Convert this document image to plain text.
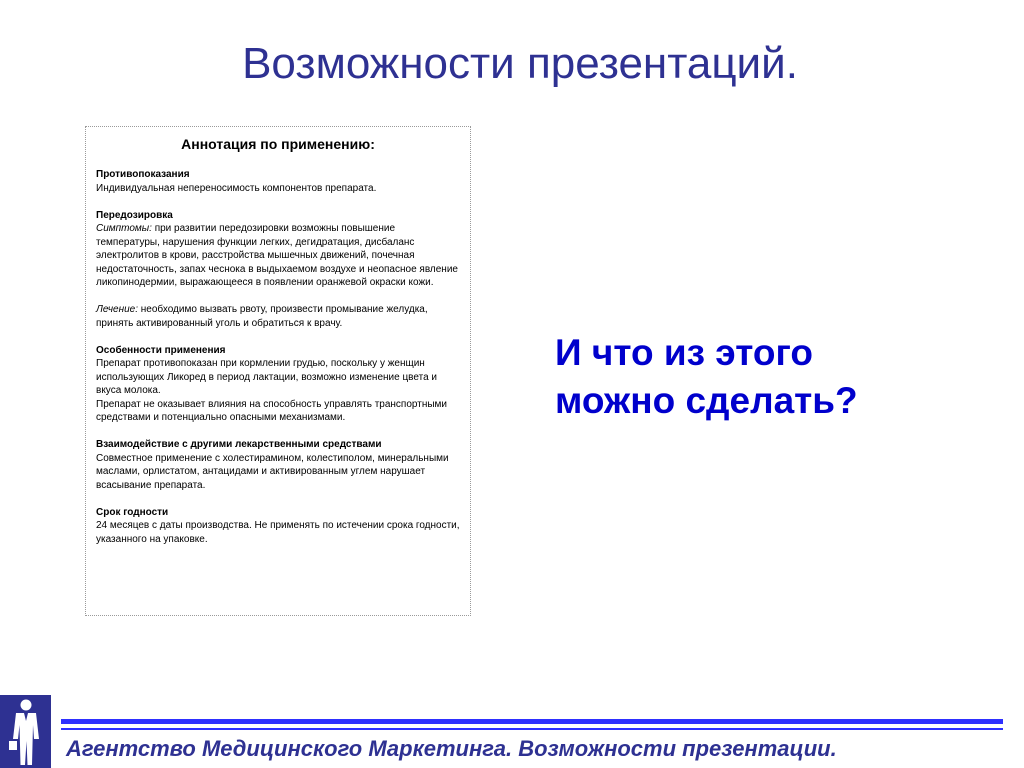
Возможности презентаций.
Аннотация по применению:
Противопоказания

Индивидуальная непереносимость компонентов препарата.

Передозировка

Симптомы: при развитии передозировки возможны повышение температуры, нарушения функции легких, дегидратация, дисбаланс электролитов в крови, расстройства мышечных движений, почечная недостаточность, запах чеснока в выдыхаемом воздухе и неопасное явление ликопинодермии, выражающееся в появлении оранжевой окраски кожи.

Лечение: необходимо вызвать рвоту, произвести промывание желудка, принять активированный уголь и обратиться к врачу.

Особенности применения

Препарат противопоказан при кормлении грудью, поскольку у женщин использующих Ликоред в период лактации, возможно изменение цвета и вкуса молока.

Препарат не оказывает влияния на способность управлять транспортными средствами и потенциально опасными механизмами.

Взаимодействие с другими лекарственными средствами

Совместное применение с холестирамином, колестиполом, минеральными маслами, орлистатом, антацидами и активированным углем нарушает всасывание препарата.

Срок годности

24 месяцев с даты производства. Не применять по истечении срока годности, указанного на упаковке.

И что из этого
можно сделать?
Агентство Медицинского Маркетинга. Возможности презентации.
